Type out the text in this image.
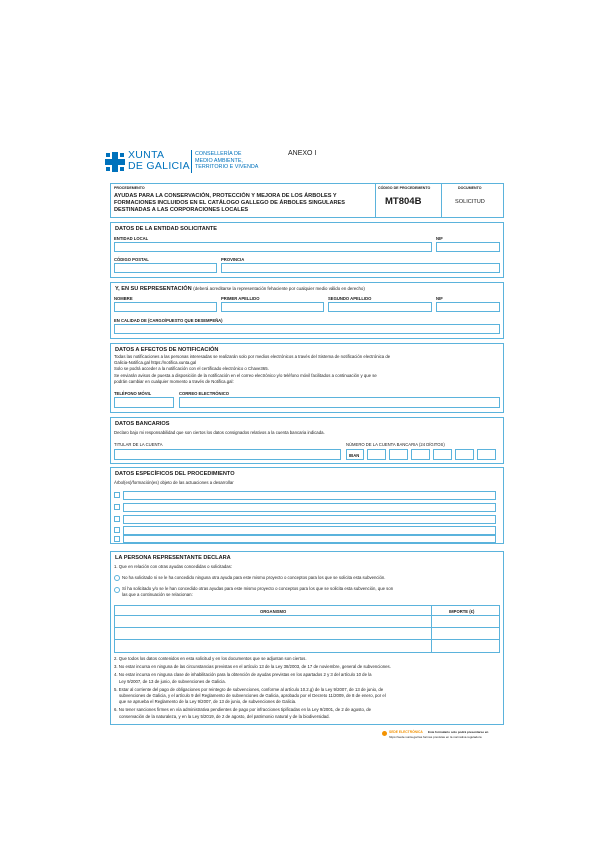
XUNTA
DE GALICIA
CONSELLERÍA DE
MEDIO AMBIENTE,
TERRITORIO E VIVENDA
ANEXO I
PROCEDEMENTO
AYUDAS PARA LA CONSERVACIÓN, PROTECCIÓN Y MEJORA DE LOS ÁRBOLES Y
FORMACIONES INCLUIDOS EN EL CATÁLOGO GALLEGO DE ÁRBOLES SINGULARES
DESTINADAS A LAS CORPORACIONES LOCALES
CÓDIGO DE PROCEDEMENTO
MT804B
DOCUMENTO
SOLICITUD
DATOS DE LA ENTIDAD SOLICITANTE
ENTIDAD LOCAL	NIF
CÓDIGO POSTAL	PROVINCIA
Y, EN SU REPRESENTACIÓN (deberá acreditarse la representación fehaciente por cualquier medio válido en derecho)
NOMBRE	PRIMER APELLIDO	SEGUNDO APELLIDO	NIF
EN CALIDAD DE (CARGO/PUESTO QUE DESEMPEÑA)
DATOS A EFECTOS DE NOTIFICACIÓN
Todas las notificaciones a las personas interesadas se realizarán solo por medios electrónicos a través del Sistema de notificación electrónica de
Galicia-Notifica.gal https://notifica.xunta.gal
Solo se podrá acceder a la notificación con el certificado electrónico o Chave365.
Se enviarán avisos de puesta a disposición de la notificación en el correo electrónico y/o teléfono móvil facilitados a continuación y que se
podrán cambiar en cualquier momento a través de Notifica.gal:
TELÉFONO MÓVIL	CORREO ELECTRÓNICO
DATOS BANCARIOS
Declaro bajo mi responsabilidad que son ciertos los datos consignados relativos a la cuenta bancaria indicada.
TITULAR DE LA CUENTA	NÚMERO DE LA CUENTA BANCARIA (24 DÍGITOS)
IBAN
DATOS ESPECÍFICOS DEL PROCEDIMIENTO
Árbol(es)/formación(es) objeto de las actuaciones a desarrollar
LA PERSONA REPRESENTANTE DECLARA
1. Que en relación con otras ayudas concedidas o solicitadas:
No ha solicitado ni se le ha concedido ninguna otra ayuda para este mismo proyecto o conceptos para los que se solicita esta subvención.
Sí ha solicitado y/o se le han concedido otras ayudas para este mismo proyecto o conceptos para los que se solicita esta subvención, que son
las que a continuación se relacionan:
ORGANISMO	IMPORTE (€)
2. Que todos los datos contenidos en esta solicitud y en los documentos que se adjuntan son ciertos.
3. No estar incursa en ninguna de las circunstancias previstas en el artículo 13 de la Ley 38/2003, de 17 de noviembre, general de subvenciones.
4. No estar incursa en ninguna clase de inhabilitación para la obtención de ayudas previstas en los apartados 2 y 3 del artículo 10 de la
Ley 9/2007, de 13 de junio, de subvenciones de Galicia.
5. Estar al corriente del pago de obligaciones por reintegro de subvenciones, conforme al artículo 10.2.g) de la Ley 9/2007, de 13 de junio, de
subvenciones de Galicia, y el artículo 9 del Reglamento de subvenciones de Galicia, aprobado por el Decreto 11/2009, de 8 de enero, por el
que se aprueba el Reglamento de la Ley 9/2007, de 13 de junio, de subvenciones de Galicia.
6. No tener sanciones firmes en vía administrativa pendientes de pago por infracciones tipificadas en la Ley 9/2001, de 2 de agosto, de
conservación de la naturaleza, y en la Ley 5/2019, de 2 de agosto, del patrimonio natural y de la biodiversidad.
SEDE ELECTRÓNICA Este formulario solo podrá presentarse en
https://sede.xunta.gal las formas previstas en la normativa reguladora
